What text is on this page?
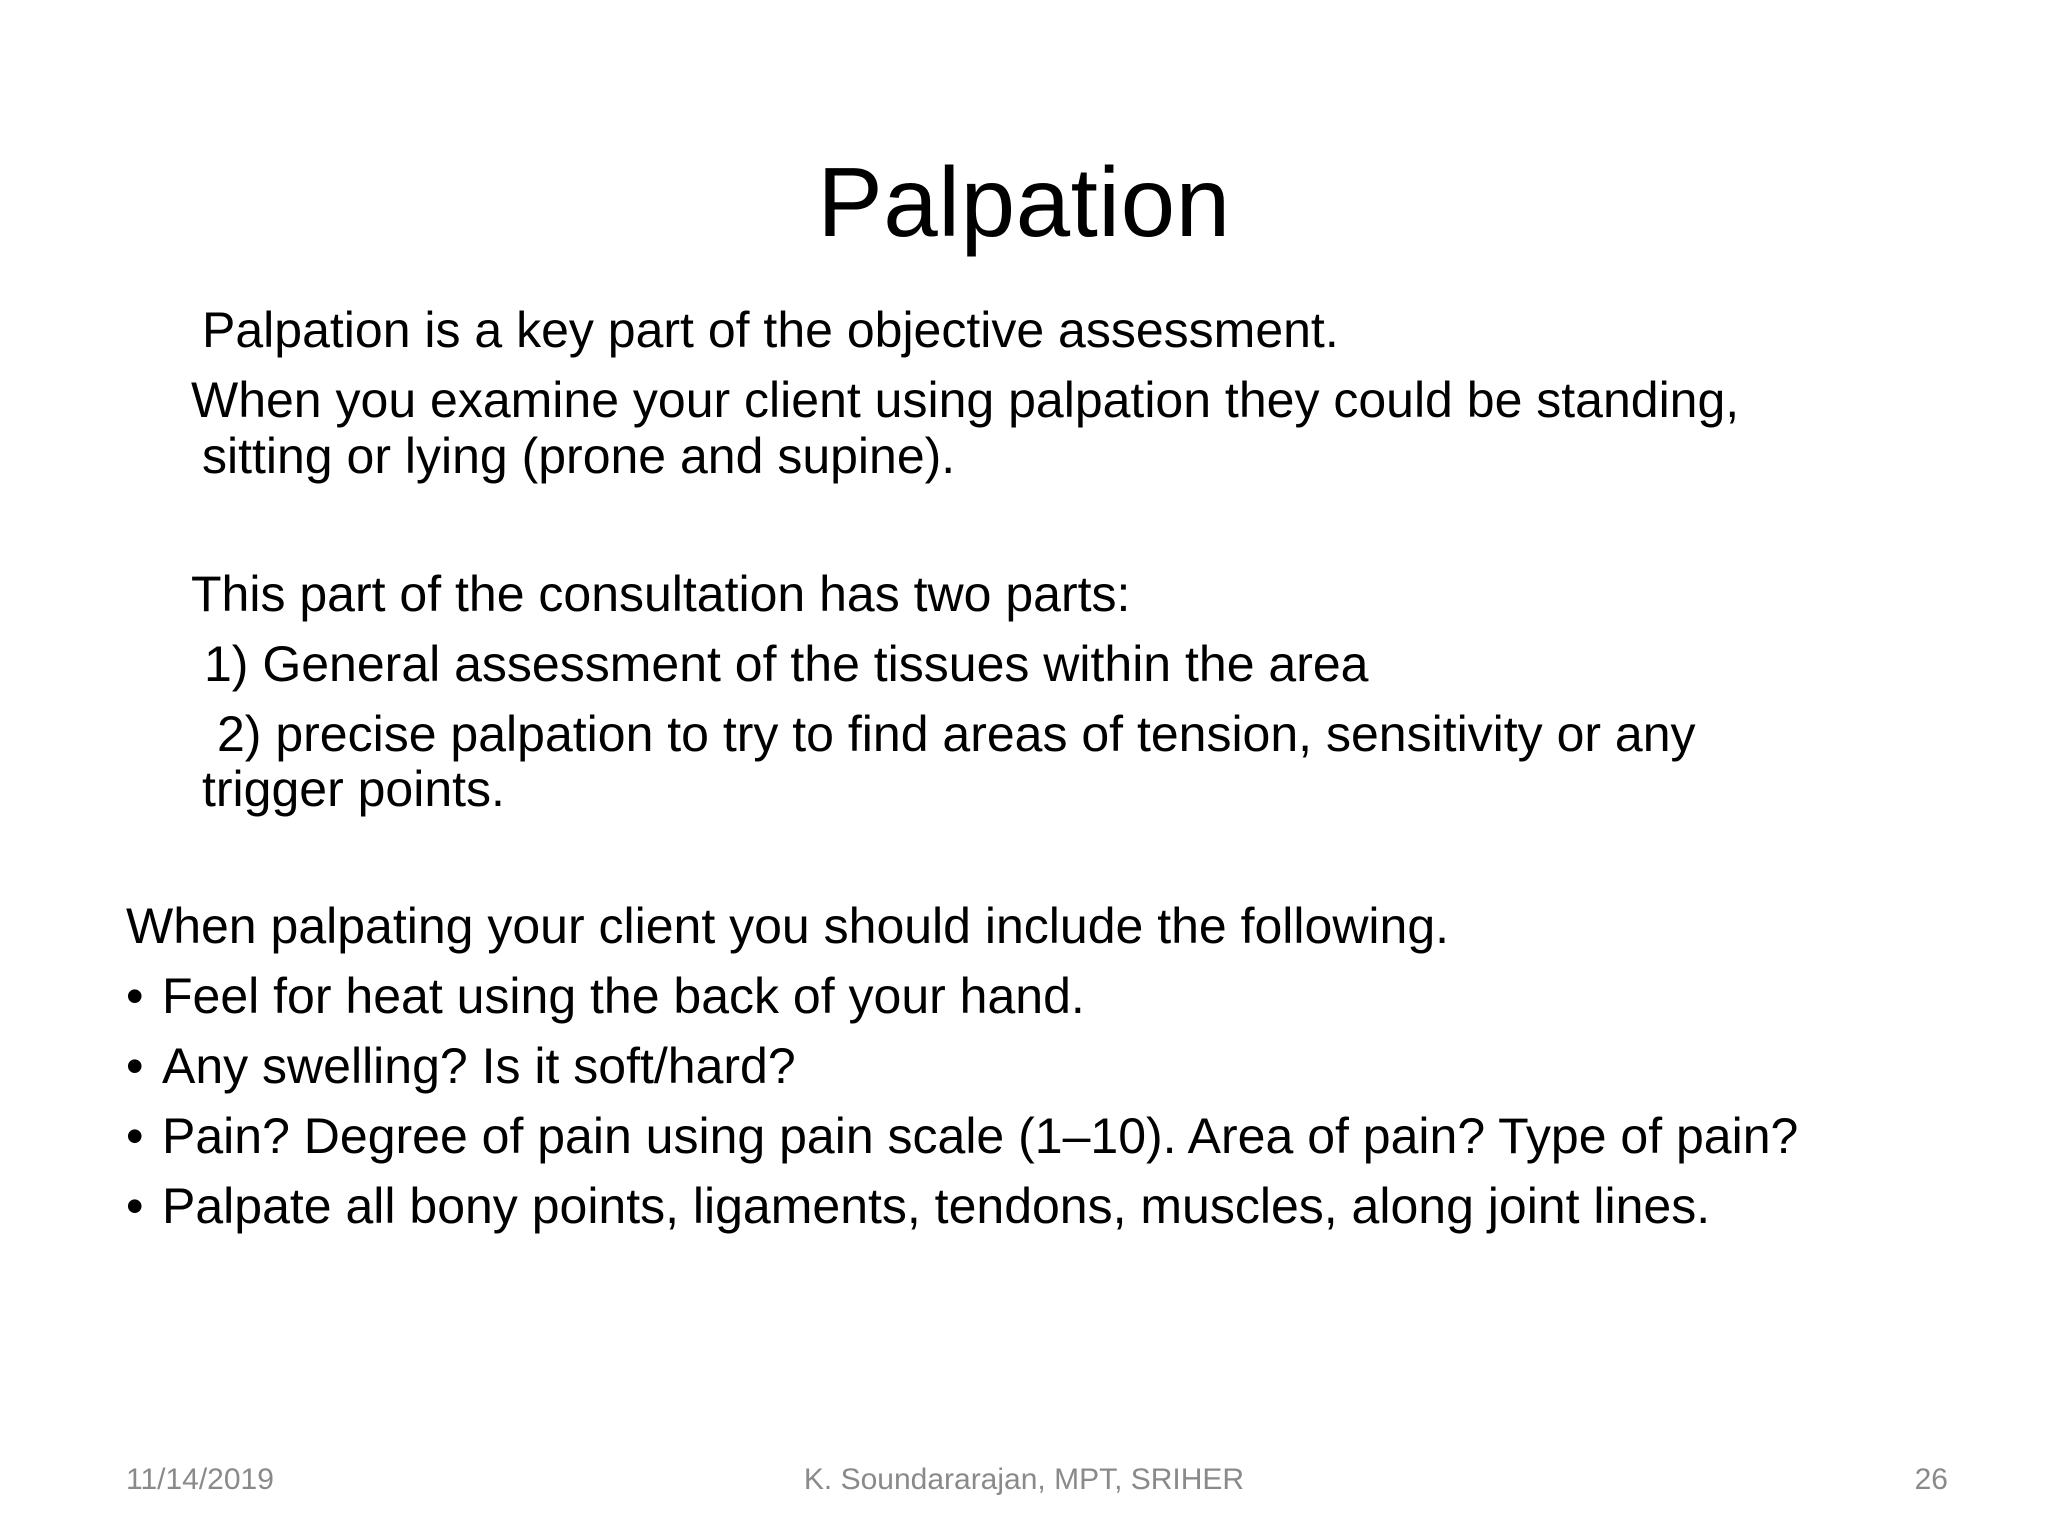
Palpation
Palpation is a key part of the objective assessment.
When you examine your client using palpation they could be standing,
sitting or lying (prone and supine).
This part of the consultation has two parts:
1) General assessment of the tissues within the area
2) precise palpation to try to find areas of tension, sensitivity or any
trigger points.
When palpating your client you should include the following.
• Feel for heat using the back of your hand.
• Any swelling? Is it soft/hard?
• Pain? Degree of pain using pain scale (1–10). Area of pain? Type of pain?
• Palpate all bony points, ligaments, tendons, muscles, along joint lines.
11/14/2019	K. Soundararajan, MPT, SRIHER	26
